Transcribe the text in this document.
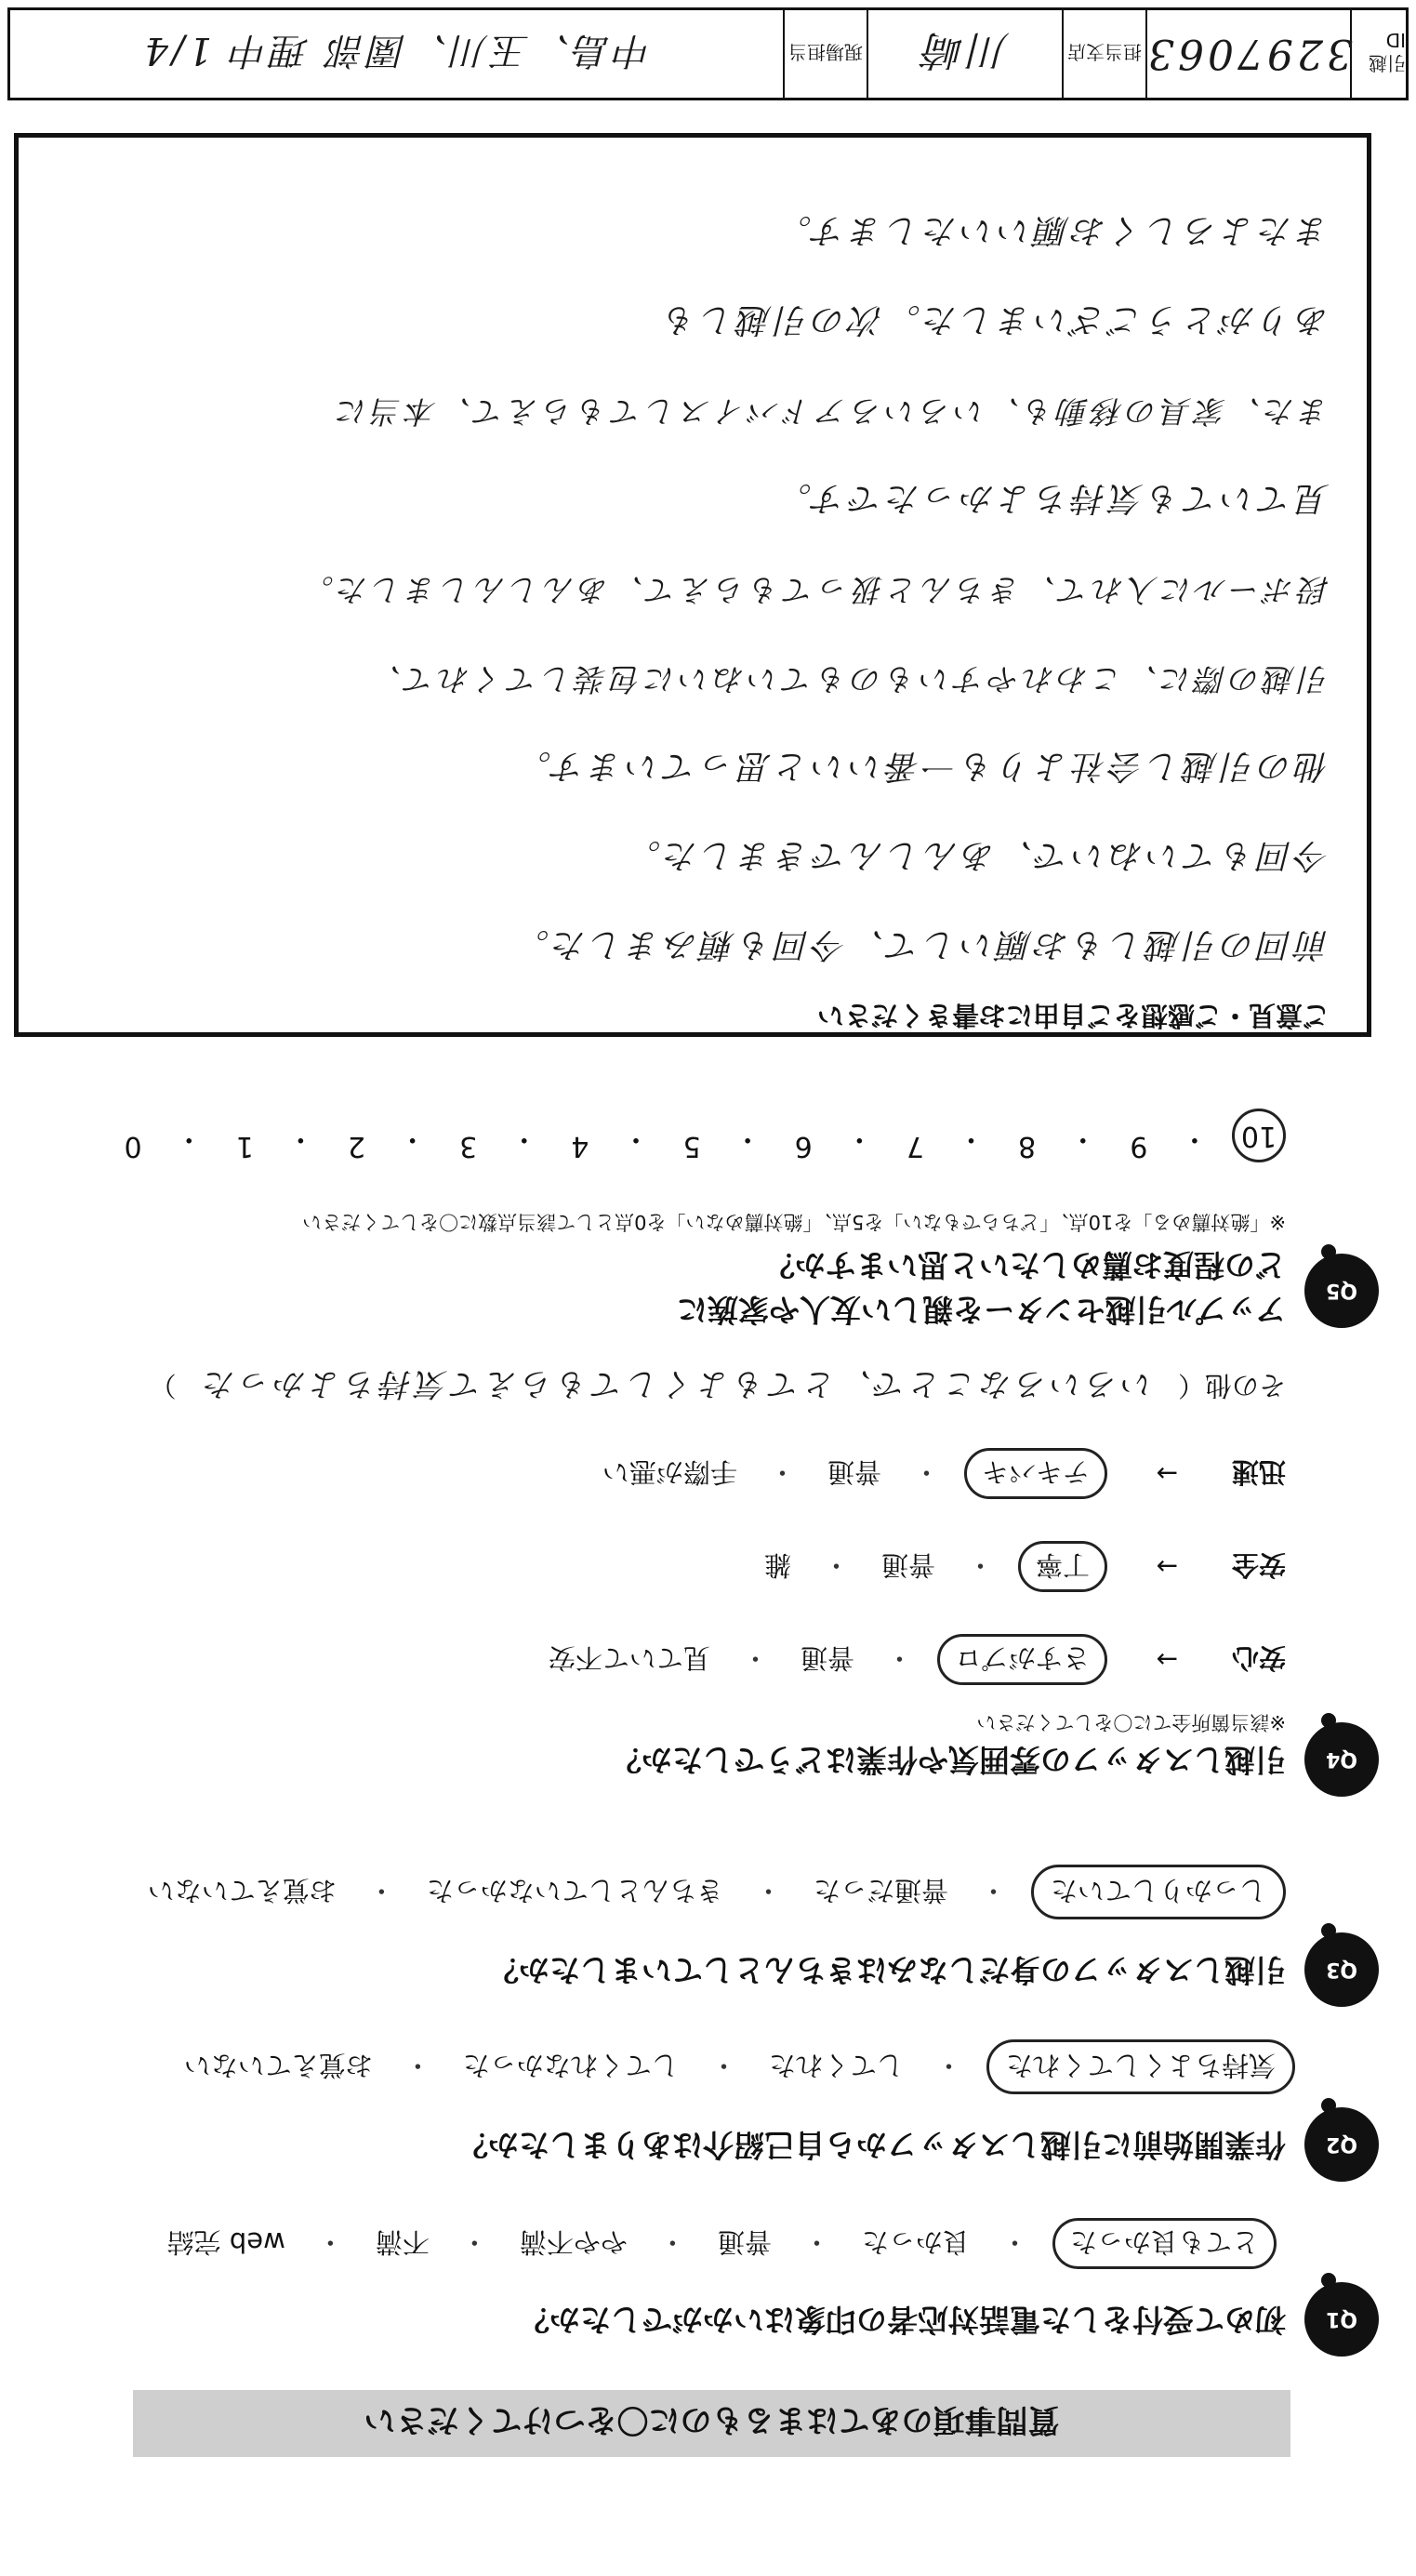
質問事項のあてはまるものに〇をつけてください
Q1
初めて受付をした電話対応者の印象はいかがでしたか？
とても良かった
・
良かった
・
普通
・
やや不満
・
不満
・
web 完結
Q2
作業開始前に引越しスタッフから自己紹介はありましたか？
気持ちよくしてくれた
・
してくれた
・
してくれなかった
・
お覚えていない
Q3
引越しスタッフの身だしなみはきちんとしていましたか？
しっかりしていた
・
普通だった
・
きちんとしていなかった
・
お覚えていない
Q4
引越しスタッフの雰囲気や作業はどうでしたか？
※該当箇所全てに〇をしてください
安心
→
さすがプロ
・
普通
・
見ていて不安
安全
→
丁寧
・
普通
・
雑
迅速
→
テキパキ
・
普通
・
手際が悪い
その他（
いろいろなことで、とてもよくしてもらえて気持ちよかった
）
Q5
アップル引越センターを親しい友人や家族に
どの程度お薦めしたいと思いますか？
※「絶対薦める」を10点、「どちらでもない」を5点、「絶対薦めない」を0点として該当点数に〇をしてください
10
・
9
・
8
・
7
・
6
・
5
・
4
・
3
・
2
・
1
・
0
ご意見・ご感想をご自由にお書きください
前回の引越しもお願いして、今回も頼みました。
今回もていねいで、あんしんできました。
他の引越し会社よりも一番いいと思っています。
引越の際に、こわれやすいものもていねいに包装してくれて、
段ボールに入れて、きちんと扱ってもらえて、あんしんしました。
見ていても気持ちよかったです。
また、家具の移動も、いろいろアドバイスしてもらえて、本当に
ありがとうございました。次の引越しも
またよろしくお願いいたします。
引越ID
3297063
担当支店
川崎
現場担当
中島、玉川、園部 理中 1/4
